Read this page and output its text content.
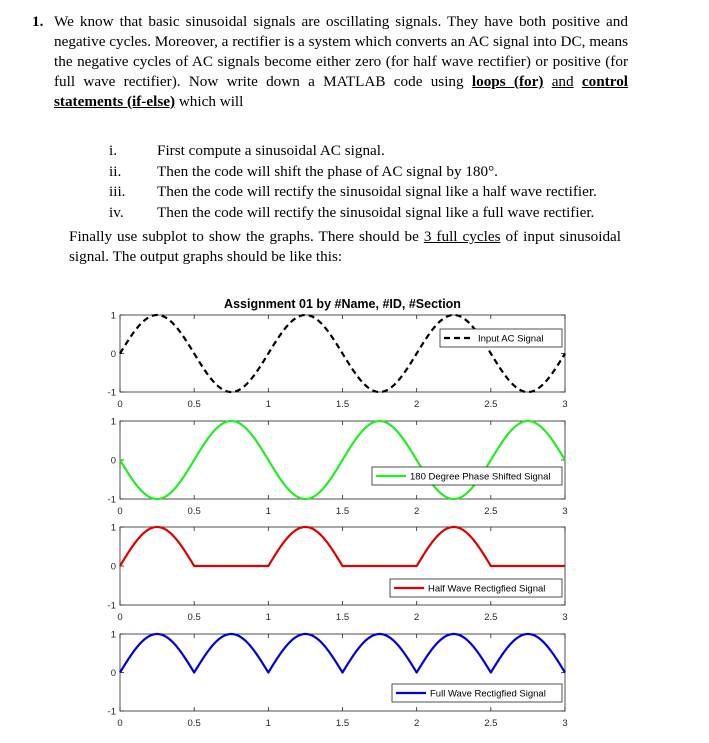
1. We know that basic sinusoidal signals are oscillating signals. They have both positive and negative cycles. Moreover, a rectifier is a system which converts an AC signal into DC, means the negative cycles of AC signals become either zero (for half wave rectifier) or positive (for full wave rectifier). Now write down a MATLAB code using loops (for) and control statements (if-else) which will
i.	First compute a sinusoidal AC signal.
ii. Then the code will shift the phase of AC signal by 180°.
iii. Then the code will rectify the sinusoidal signal like a half wave rectifier.
iv. Then the code will rectify the sinusoidal signal like a full wave rectifier.
Finally use subplot to show the graphs. There should be 3 full cycles of input sinusoidal signal. The output graphs should be like this:
Assignment 01 by #Name, #ID, #Section
0	0.5	1	1.5	2	2.5	3
-1
0
1
Input AC Signal
0	0.5	1	1.5	2	2.5	3
-1
0
1
180 Degree Phase Shifted Signal
0	0.5	1	1.5	2	2.5	3
-1
0
1
Half Wave Rectigfied Signal
0	0.5	1	1.5	2	2.5	3
-1
0
1
Full Wave Rectigfied Signal
